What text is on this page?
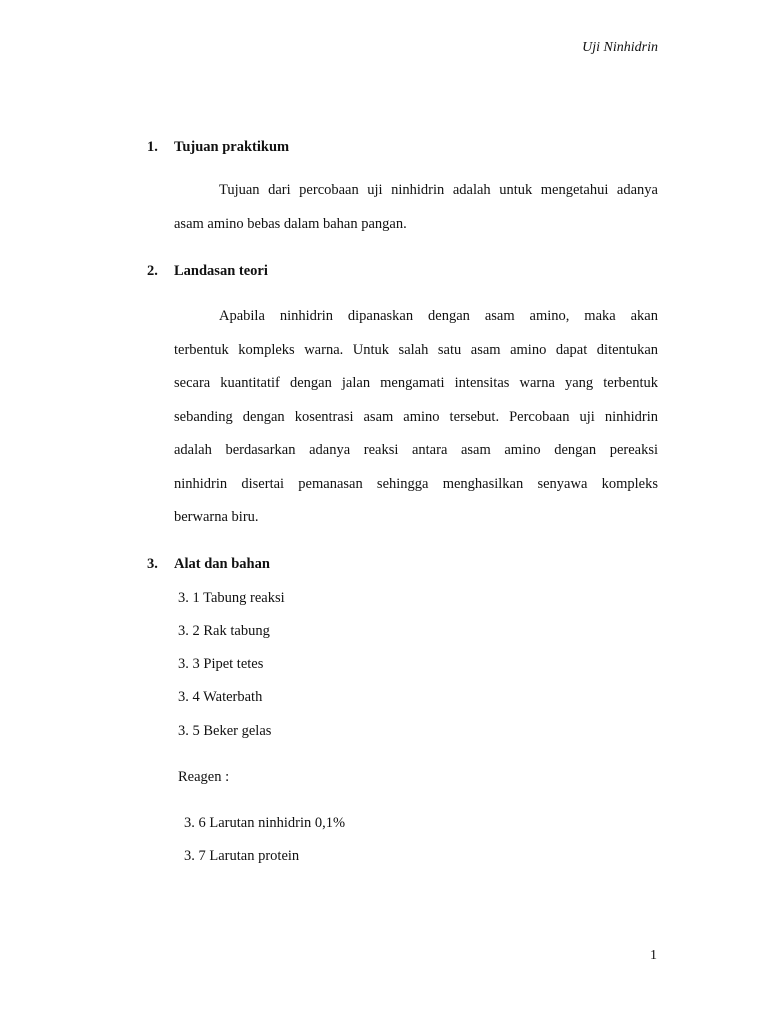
Uji Ninhidrin
1. Tujuan praktikum
Tujuan dari percobaan uji ninhidrin adalah untuk mengetahui adanya
asam amino bebas dalam bahan pangan.
2. Landasan teori
Apabila ninhidrin dipanaskan dengan asam amino, maka akan
terbentuk kompleks warna. Untuk salah satu asam amino dapat ditentukan
secara kuantitatif dengan jalan mengamati intensitas warna yang terbentuk
sebanding dengan kosentrasi asam amino tersebut. Percobaan uji ninhidrin
adalah berdasarkan adanya reaksi antara asam amino dengan pereaksi
ninhidrin disertai pemanasan sehingga menghasilkan senyawa kompleks
berwarna biru.
3. Alat dan bahan
3. 1 Tabung reaksi
3. 2 Rak tabung
3. 3 Pipet tetes
3. 4 Waterbath
3. 5 Beker gelas
Reagen :
3. 6 Larutan ninhidrin 0,1%
3. 7 Larutan protein
1
